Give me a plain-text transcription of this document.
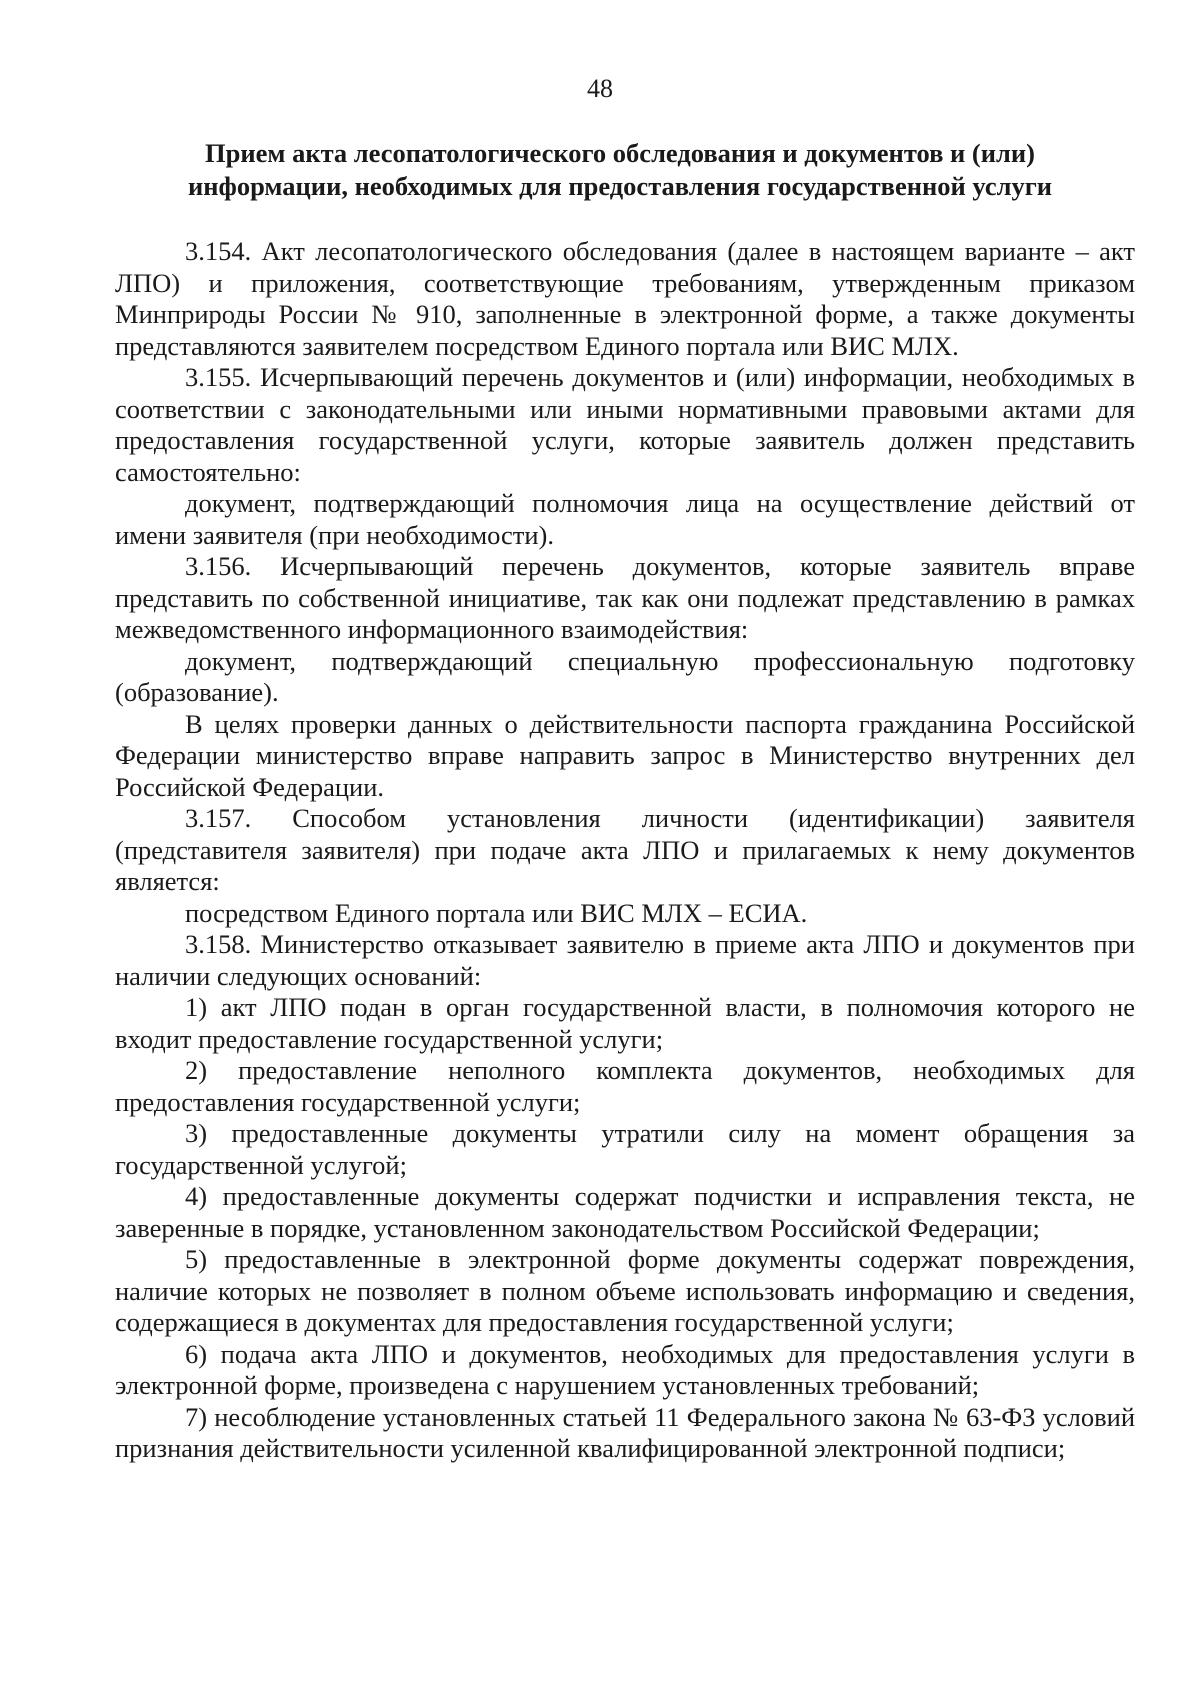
48
Прием акта лесопатологического обследования и документов и (или)
информации, необходимых для предоставления государственной услуги

3.154. Акт лесопатологического обследования (далее в настоящем варианте – акт ЛПО) и приложения, соответствующие требованиям, утвержденным приказом Минприроды России № 910, заполненные в электронной форме, а также документы представляются заявителем посредством Единого портала или ВИС МЛХ.

3.155. Исчерпывающий перечень документов и (или) информации, необходимых в соответствии с законодательными или иными нормативными правовыми актами для предоставления государственной услуги, которые заявитель должен представить самостоятельно:

документ, подтверждающий полномочия лица на осуществление действий от имени заявителя (при необходимости).

3.156. Исчерпывающий перечень документов, которые заявитель вправе представить по собственной инициативе, так как они подлежат представлению в рамках межведомственного информационного взаимодействия:

документ, подтверждающий специальную профессиональную подготовку (образование).

В целях проверки данных о действительности паспорта гражданина Российской Федерации министерство вправе направить запрос в Министерство внутренних дел Российской Федерации.

3.157. Способом установления личности (идентификации) заявителя (представителя заявителя) при подаче акта ЛПО и прилагаемых к нему документов является:

посредством Единого портала или ВИС МЛХ – ЕСИА.

3.158. Министерство отказывает заявителю в приеме акта ЛПО и документов при наличии следующих оснований:

1) акт ЛПО подан в орган государственной власти, в полномочия которого не входит предоставление государственной услуги;

2) предоставление неполного комплекта документов, необходимых для предоставления государственной услуги;

3) предоставленные документы утратили силу на момент обращения за государственной услугой;

4) предоставленные документы содержат подчистки и исправления текста, не заверенные в порядке, установленном законодательством Российской Федерации;

5) предоставленные в электронной форме документы содержат повреждения, наличие которых не позволяет в полном объеме использовать информацию и сведения, содержащиеся в документах для предоставления государственной услуги;

6) подача акта ЛПО и документов, необходимых для предоставления услуги в электронной форме, произведена с нарушением установленных требований;

7) несоблюдение установленных статьей 11 Федерального закона № 63-ФЗ условий признания действительности усиленной квалифицированной электронной подписи;
